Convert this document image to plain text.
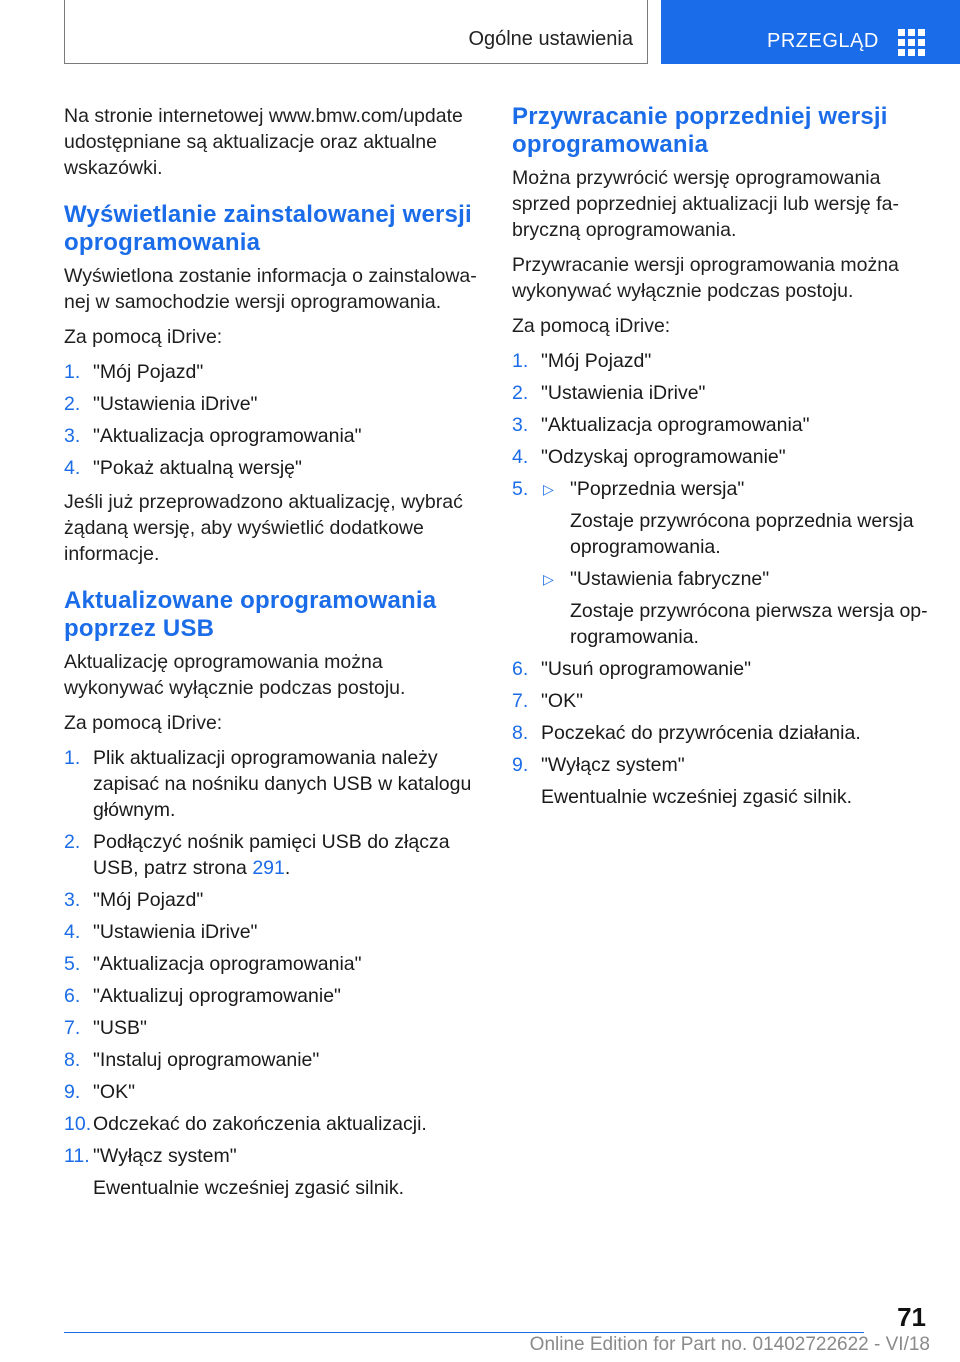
Ogólne ustawienia	PRZEGLĄD

Na stronie internetowej www.bmw.com/update udostępniane są aktualizacje oraz aktualne wskazówki.

Wyświetlanie zainstalowanej wersji oprogramowania

Wyświetlona zostanie informacja o zainstalowanej w samochodzie wersji oprogramowania.

Za pomocą iDrive:

1. "Mój Pojazd"
2. "Ustawienia iDrive"
3. "Aktualizacja oprogramowania"
4. "Pokaż aktualną wersję"

Jeśli już przeprowadzono aktualizację, wybrać żądaną wersję, aby wyświetlić dodatkowe informacje.

Aktualizowane oprogramowania poprzez USB

Aktualizację oprogramowania można wykonywać wyłącznie podczas postoju.

Za pomocą iDrive:

1. Plik aktualizacji oprogramowania należy zapisać na nośniku danych USB w katalogu głównym.
2. Podłączyć nośnik pamięci USB do złącza USB, patrz strona 291.
3. "Mój Pojazd"
4. "Ustawienia iDrive"
5. "Aktualizacja oprogramowania"
6. "Aktualizuj oprogramowanie"
7. "USB"
8. "Instaluj oprogramowanie"
9. "OK"
10. Odczekać do zakończenia aktualizacji.
11. "Wyłącz system"
Ewentualnie wcześniej zgasić silnik.
Przywracanie poprzedniej wersji oprogramowania

Można przywrócić wersję oprogramowania sprzed poprzedniej aktualizacji lub wersję fabryczną oprogramowania.

Przywracanie wersji oprogramowania można wykonywać wyłącznie podczas postoju.

Za pomocą iDrive:

1. "Mój Pojazd"
2. "Ustawienia iDrive"
3. "Aktualizacja oprogramowania"
4. "Odzyskaj oprogramowanie"
5. ▷ "Poprzednia wersja"
Zostaje przywrócona poprzednia wersja oprogramowania.
▷ "Ustawienia fabryczne"
Zostaje przywrócona pierwsza wersja oprogramowania.
6. "Usuń oprogramowanie"
7. "OK"
8. Poczekać do przywrócenia działania.
9. "Wyłącz system"
Ewentualnie wcześniej zgasić silnik.
71
Online Edition for Part no. 01402722622 - VI/18
